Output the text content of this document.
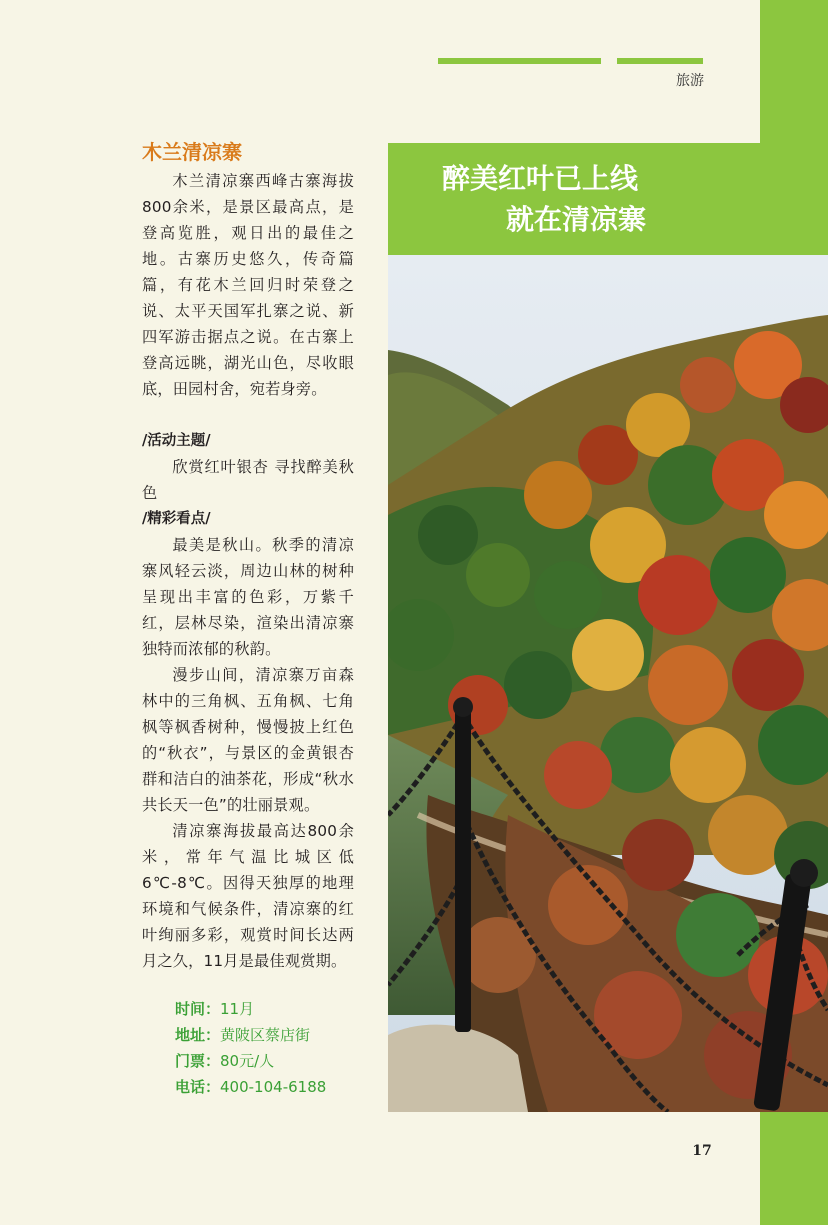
旅游
木兰清凉寨

木兰清凉寨西峰古寨海拔800余米，是景区最高点，是登高览胜，观日出的最佳之地。古寨历史悠久，传奇篇篇，有花木兰回归时荣登之说、太平天国军扎寨之说、新四军游击据点之说。在古寨上登高远眺，湖光山色，尽收眼底，田园村舍，宛若身旁。

/活动主题/

欣赏红叶银杏 寻找醉美秋色

/精彩看点/

最美是秋山。秋季的清凉寨风轻云淡，周边山林的树种呈现出丰富的色彩，万紫千红，层林尽染，渲染出清凉寨独特而浓郁的秋韵。

漫步山间，清凉寨万亩森林中的三角枫、五角枫、七角枫等枫香树种，慢慢披上红色的“秋衣”，与景区的金黄银杏群和洁白的油茶花，形成“秋水共长天一色”的壮丽景观。

清凉寨海拔最高达800余米，常年气温比城区低6℃-8℃。因得天独厚的地理环境和气候条件，清凉寨的红叶绚丽多彩，观赏时间长达两月之久，11月是最佳观赏期。

时间：11月
地址：黄陂区蔡店街
门票：80元/人
电话：400-104-6188
醉美红叶已上线
就在清凉寨
17
